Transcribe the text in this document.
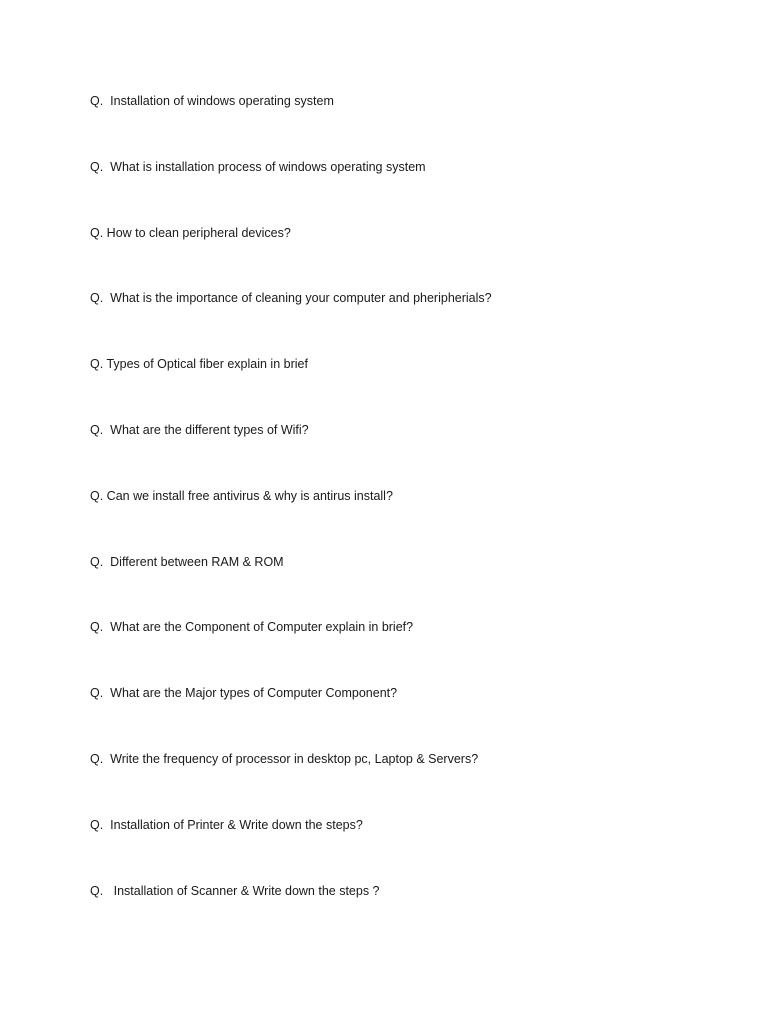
Q.  Installation of windows operating system
Q.  What is installation process of windows operating system
Q. How to clean peripheral devices?
Q.  What is the importance of cleaning your computer and pheripherials?
Q. Types of Optical fiber explain in brief
Q.  What are the different types of Wifi?
Q. Can we install free antivirus & why is antirus install?
Q.  Different between RAM & ROM
Q.  What are the Component of Computer explain in brief?
Q.  What are the Major types of Computer Component?
Q.  Write the frequency of processor in desktop pc, Laptop & Servers?
Q.  Installation of Printer & Write down the steps?
Q.   Installation of Scanner & Write down the steps ?
